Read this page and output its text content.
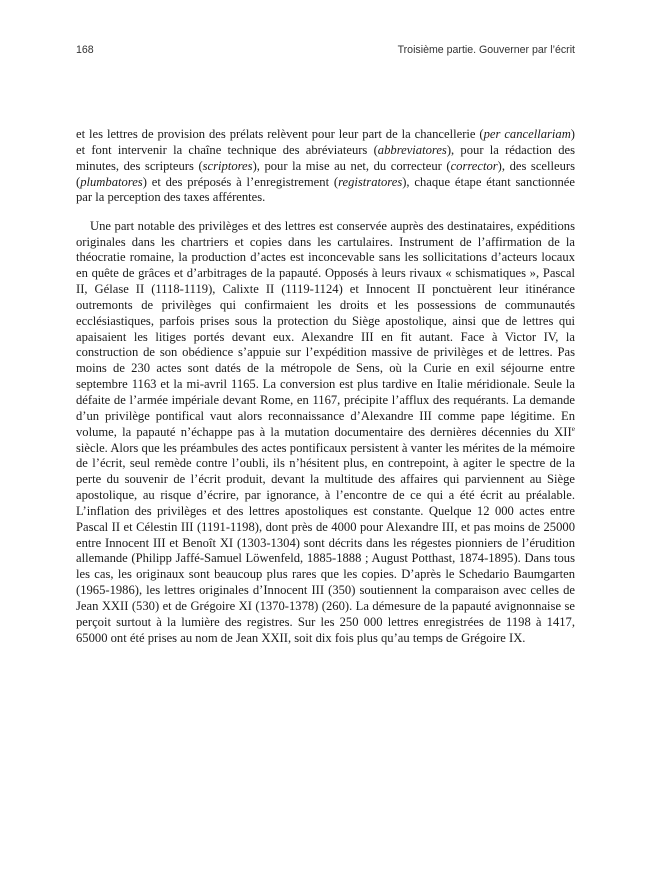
168	Troisième partie. Gouverner par l’écrit

et les lettres de provision des prélats relèvent pour leur part de la chancellerie (per cancellariam) et font intervenir la chaîne technique des abréviateurs (abbreviatores), pour la rédaction des minutes, des scripteurs (scriptores), pour la mise au net, du correcteur (corrector), des scelleurs (plumbatores) et des préposés à l’enregistrement (registratores), chaque étape étant sanctionnée par la perception des taxes afférentes.

Une part notable des privilèges et des lettres est conservée auprès des destinataires, expéditions originales dans les chartriers et copies dans les cartulaires. Instrument de l’affirmation de la théocratie romaine, la production d’actes est inconcevable sans les sollicitations d’acteurs locaux en quête de grâces et d’arbitrages de la papauté. Opposés à leurs rivaux « schismatiques », Pascal II, Gélase II (1118-1119), Calixte II (1119-1124) et Innocent II ponctuèrent leur itinérance outremonts de privilèges qui confirmaient les droits et les possessions de communautés ecclésiastiques, parfois prises sous la protection du Siège apostolique, ainsi que de lettres qui apaisaient les litiges portés devant eux. Alexandre III en fit autant. Face à Victor IV, la construction de son obédience s’appuie sur l’expédition massive de privilèges et de lettres. Pas moins de 230 actes sont datés de la métropole de Sens, où la Curie en exil séjourne entre septembre 1163 et la mi-avril 1165. La conversion est plus tardive en Italie méridionale. Seule la défaite de l’armée impériale devant Rome, en 1167, précipite l’afflux des requérants. La demande d’un privilège pontifical vaut alors reconnaissance d’Alexandre III comme pape légitime. En volume, la papauté n’échappe pas à la mutation documentaire des dernières décennies du XIIe siècle. Alors que les préambules des actes pontificaux persistent à vanter les mérites de la mémoire de l’écrit, seul remède contre l’oubli, ils n’hésitent plus, en contrepoint, à agiter le spectre de la perte du souvenir de l’écrit produit, devant la multitude des affaires qui parviennent au Siège apostolique, au risque d’écrire, par ignorance, à l’encontre de ce qui a été écrit au préalable. L’inflation des privilèges et des lettres apostoliques est constante. Quelque 12 000 actes entre Pascal II et Célestin III (1191-1198), dont près de 4000 pour Alexandre III, et pas moins de 25000 entre Innocent III et Benoît XI (1303-1304) sont décrits dans les régestes pionniers de l’érudition allemande (Philipp Jaffé-Samuel Löwenfeld, 1885-1888 ; August Potthast, 1874-1895). Dans tous les cas, les originaux sont beaucoup plus rares que les copies. D’après le Schedario Baumgarten (1965-1986), les lettres originales d’Innocent III (350) soutiennent la comparaison avec celles de Jean XXII (530) et de Grégoire XI (1370-1378) (260). La démesure de la papauté avignonnaise se perçoit surtout à la lumière des registres. Sur les 250 000 lettres enregistrées de 1198 à 1417, 65000 ont été prises au nom de Jean XXII, soit dix fois plus qu’au temps de Grégoire IX.
